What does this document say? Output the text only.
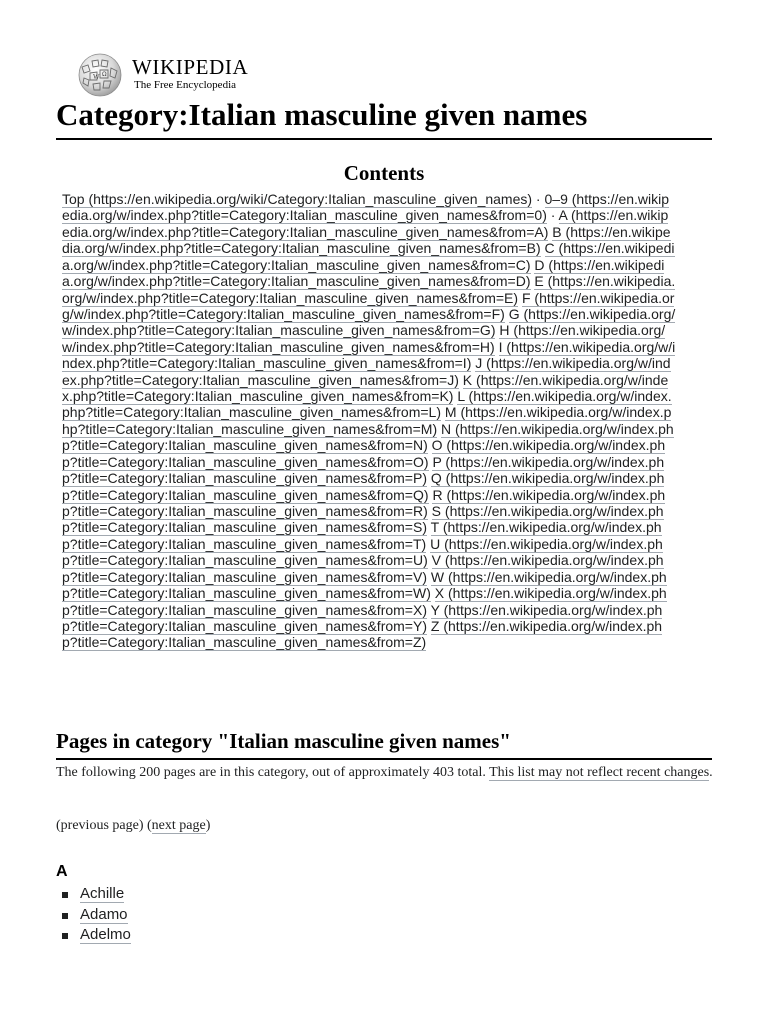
W Ω WIKIPEDIA
The Free Encyclopedia
Category:Italian masculine given names
Contents
Top (https://en.wikipedia.org/wiki/Category:Italian_masculine_given_names) · 0–9 (https://en.wikipedia.org/w/index.php?title=Category:Italian_masculine_given_names&from=0) · A (https://en.wikipedia.org/w/index.php?title=Category:Italian_masculine_given_names&from=A) B (https://en.wikipedia.org/w/index.php?title=Category:Italian_masculine_given_names&from=B) C (https://en.wikipedia.org/w/index.php?title=Category:Italian_masculine_given_names&from=C) D (https://en.wikipedia.org/w/index.php?title=Category:Italian_masculine_given_names&from=D) E (https://en.wikipedia.org/w/index.php?title=Category:Italian_masculine_given_names&from=E) F (https://en.wikipedia.org/w/index.php?title=Category:Italian_masculine_given_names&from=F) G (https://en.wikipedia.org/w/index.php?title=Category:Italian_masculine_given_names&from=G) H (https://en.wikipedia.org/w/index.php?title=Category:Italian_masculine_given_names&from=H) I (https://en.wikipedia.org/w/index.php?title=Category:Italian_masculine_given_names&from=I) J (https://en.wikipedia.org/w/index.php?title=Category:Italian_masculine_given_names&from=J) K (https://en.wikipedia.org/w/index.php?title=Category:Italian_masculine_given_names&from=K) L (https://en.wikipedia.org/w/index.php?title=Category:Italian_masculine_given_names&from=L) M (https://en.wikipedia.org/w/index.php?title=Category:Italian_masculine_given_names&from=M) N (https://en.wikipedia.org/w/index.php?title=Category:Italian_masculine_given_names&from=N) O (https://en.wikipedia.org/w/index.php?title=Category:Italian_masculine_given_names&from=O) P (https://en.wikipedia.org/w/index.php?title=Category:Italian_masculine_given_names&from=P) Q (https://en.wikipedia.org/w/index.php?title=Category:Italian_masculine_given_names&from=Q) R (https://en.wikipedia.org/w/index.php?title=Category:Italian_masculine_given_names&from=R) S (https://en.wikipedia.org/w/index.php?title=Category:Italian_masculine_given_names&from=S) T (https://en.wikipedia.org/w/index.php?title=Category:Italian_masculine_given_names&from=T) U (https://en.wikipedia.org/w/index.php?title=Category:Italian_masculine_given_names&from=U) V (https://en.wikipedia.org/w/index.php?title=Category:Italian_masculine_given_names&from=V) W (https://en.wikipedia.org/w/index.php?title=Category:Italian_masculine_given_names&from=W) X (https://en.wikipedia.org/w/index.php?title=Category:Italian_masculine_given_names&from=X) Y (https://en.wikipedia.org/w/index.php?title=Category:Italian_masculine_given_names&from=Y) Z (https://en.wikipedia.org/w/index.php?title=Category:Italian_masculine_given_names&from=Z)
Pages in category "Italian masculine given names"

The following 200 pages are in this category, out of approximately 403 total. This list may not reflect recent changes.

(previous page) (next page)

A
Achille
Adamo
Adelmo
